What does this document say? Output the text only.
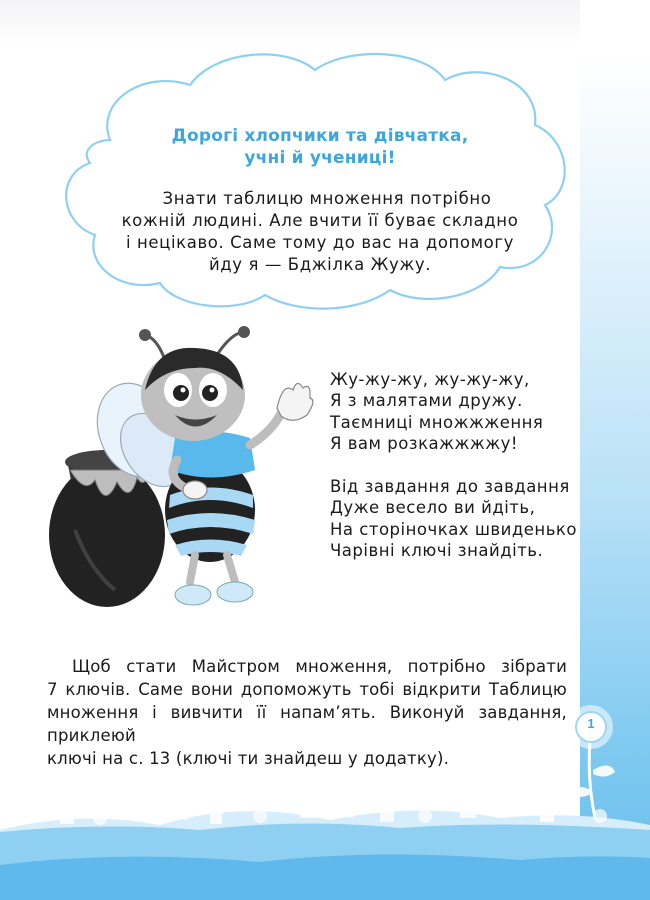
Дорогі хлопчики та дівчатка,
учні й учениці!
Знати таблицю множення потрібно
кожній людині. Але вчити її буває складно
і нецікаво. Саме тому до вас на допомогу
йду я — Бджілка Жужу.
Жу-жу-жу, жу-жу-жу,
Я з малятами дружу.
Таємниці множжження
Я вам розкажжжжу!
Від завдання до завдання
Дуже весело ви йдіть,
На сторіночках швиденько
Чарівні ключі знайдіть.
Щоб стати Майстром множення, потрібно зібрати
7 ключів. Саме вони допоможуть тобі відкрити Таблицю
множення і вивчити її напам’ять. Виконуй завдання, приклеюй
ключі на с. 13 (ключі ти знайдеш у додатку).
1
